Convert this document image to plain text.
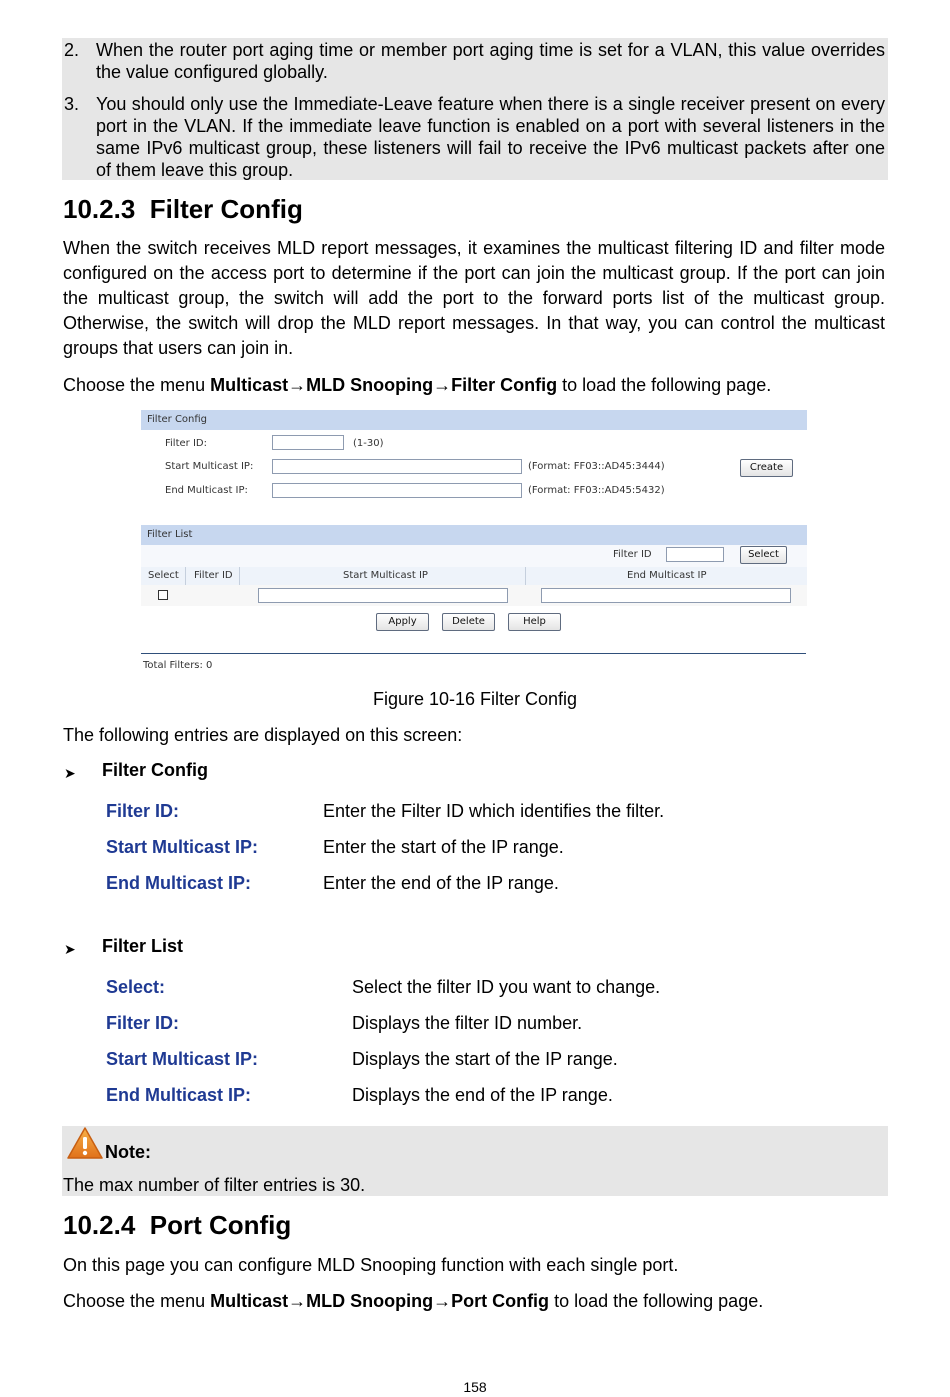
2. When the router port aging time or member port aging time is set for a VLAN, this value overrides the value configured globally.
3. You should only use the Immediate-Leave feature when there is a single receiver present on every port in the VLAN. If the immediate leave function is enabled on a port with several listeners in the same IPv6 multicast group, these listeners will fail to receive the IPv6 multicast packets after one of them leave this group.
10.2.3  Filter Config
When the switch receives MLD report messages, it examines the multicast filtering ID and filter mode configured on the access port to determine if the port can join the multicast group. If the port can join the multicast group, the switch will add the port to the forward ports list of the multicast group. Otherwise, the switch will drop the MLD report messages. In that way, you can control the multicast groups that users can join in.
Choose the menu Multicast→MLD Snooping→Filter Config to load the following page.
Filter Config
Filter ID:	(1-30)
Start Multicast IP:	(Format: FF03::AD45:3444)	Create
End Multicast IP:	(Format: FF03::AD45:5432)
Filter List
Filter ID	Select
Select Filter ID	Start Multicast IP	End Multicast IP
Apply	Delete	Help
Total Filters: 0
Figure 10-16 Filter Config
The following entries are displayed on this screen:
➤ Filter Config
Filter ID:	Enter the Filter ID which identifies the filter.
Start Multicast IP:	Enter the start of the IP range.
End Multicast IP:	Enter the end of the IP range.
➤ Filter List
Select:	Select the filter ID you want to change.
Filter ID:	Displays the filter ID number.
Start Multicast IP:	Displays the start of the IP range.
End Multicast IP:	Displays the end of the IP range.
Note:
The max number of filter entries is 30.
10.2.4  Port Config
On this page you can configure MLD Snooping function with each single port.
Choose the menu Multicast→MLD Snooping→Port Config to load the following page.
158
